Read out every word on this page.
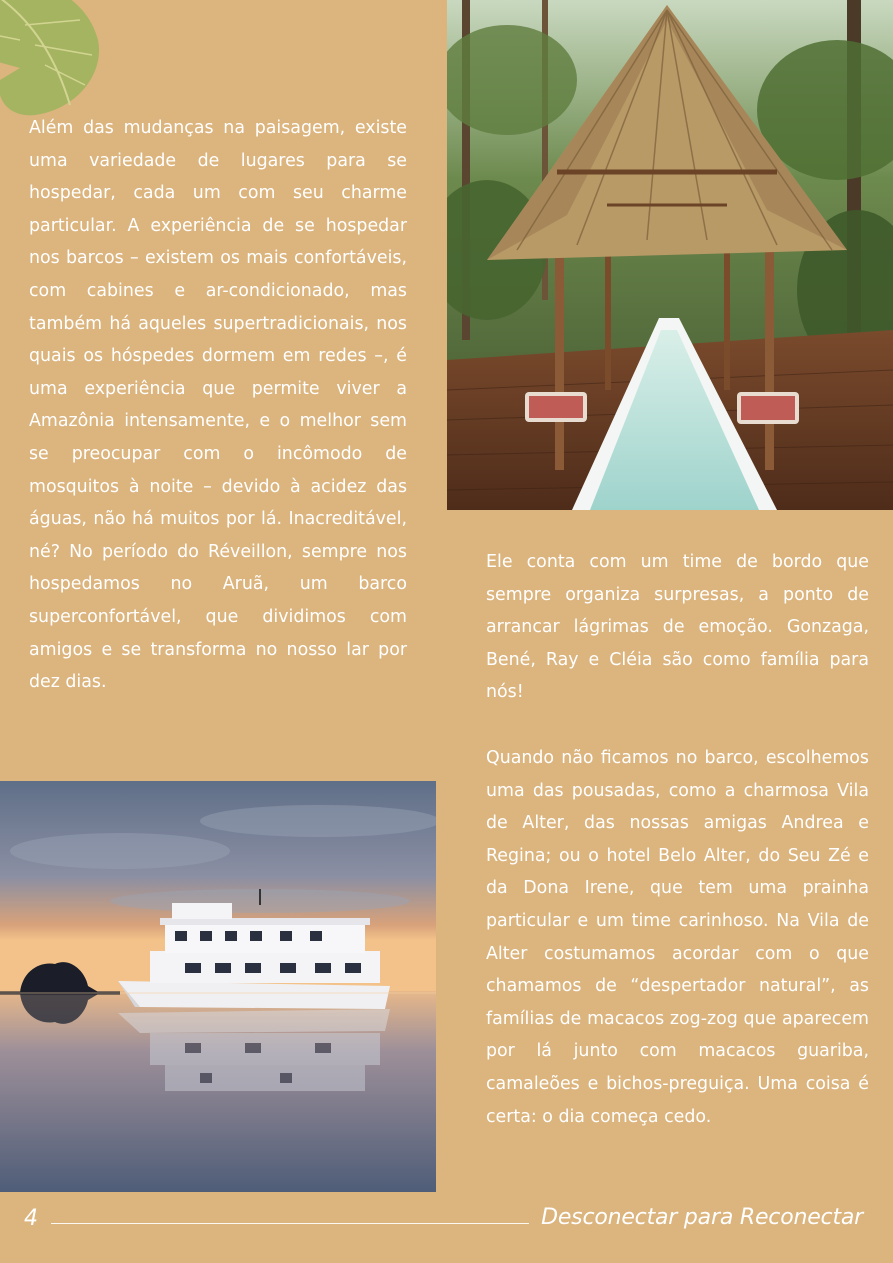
Além das mudanças na paisagem, existe uma variedade de lugares para se hospedar, cada um com seu charme particular. A experiência de se hospedar nos barcos – existem os mais confortáveis, com cabines e ar-condicionado, mas também há aqueles supertradicionais, nos quais os hóspedes dormem em redes –, é uma experiência que permite viver a Amazônia intensamente, e o melhor sem se preocupar com o incômodo de mosquitos à noite – devido à acidez das águas, não há muitos por lá. Inacreditável, né? No período do Réveillon, sempre nos hospedamos no Aruã, um barco superconfortável, que dividimos com amigos e se transforma no nosso lar por dez dias.

Ele conta com um time de bordo que sempre organiza surpresas, a ponto de arrancar lágrimas de emoção. Gonzaga, Bené, Ray e Cléia são como família para nós!

Quando não ficamos no barco, escolhemos uma das pousadas, como a charmosa Vila de Alter, das nossas amigas Andrea e Regina; ou o hotel Belo Alter, do Seu Zé e da Dona Irene, que tem uma prainha particular e um time carinhoso. Na Vila de Alter costumamos acordar com o que chamamos de “despertador natural”, as famílias de macacos zog-zog que aparecem por lá junto com macacos guariba, camaleões e bichos-preguiça. Uma coisa é certa: o dia começa cedo.

4	Desconectar para Reconectar
